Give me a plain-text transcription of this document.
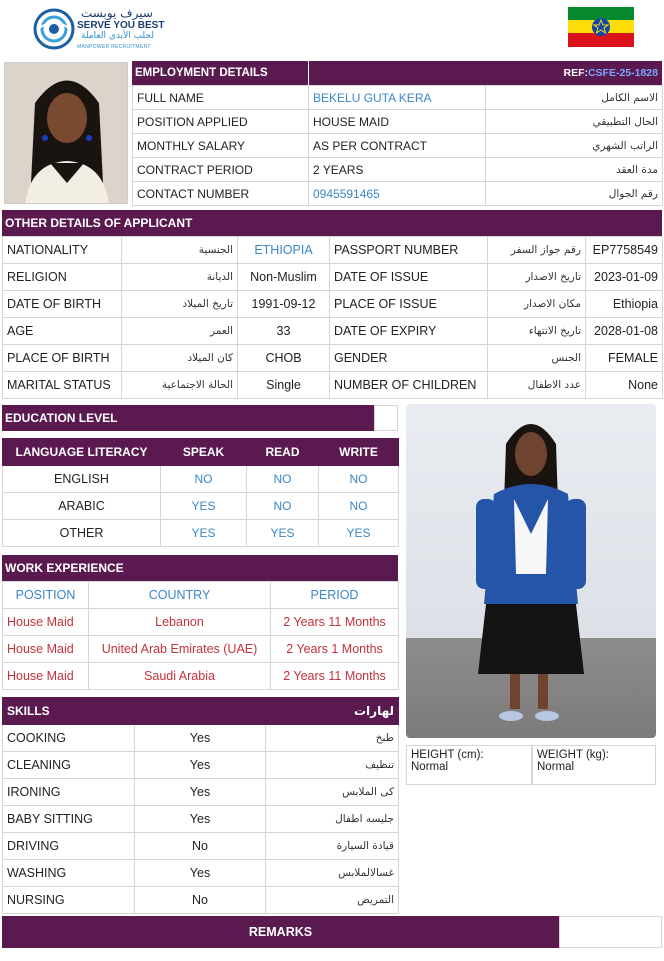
سيرف يوبست
SERVE YOU BEST
لجلب الأيدي العاملة
MANPOWER RECRUITMENT
EMPLOYMENT DETAILS	REF: CSFE-25-1828
FULL NAME	BEKELU GUTA KERA	الاسم الكامل
POSITION APPLIED	HOUSE MAID	الحال التطبيقي
MONTHLY SALARY	AS PER CONTRACT	الراتب الشهري
CONTRACT PERIOD	2 YEARS	مدة العقد
CONTACT NUMBER	0945591465	رقم الجوال
OTHER DETAILS OF APPLICANT
NATIONALITY	الجنسية	ETHIOPIA	PASSPORT NUMBER	رقم جواز السفر	EP7758549
RELIGION	الديانة	Non-Muslim	DATE OF ISSUE	تاريخ الاصدار	2023-01-09
DATE OF BIRTH	تاريخ الميلاد	1991-09-12	PLACE OF ISSUE	مكان الاصدار	Ethiopia
AGE	العمر	33	DATE OF EXPIRY	تاريخ الانتهاء	2028-01-08
PLACE OF BIRTH	كان الميلاد	CHOB	GENDER	الجنس	FEMALE
MARITAL STATUS	الحالة الاجتماعية	Single	NUMBER OF CHILDREN	عدد الاطفال	None
EDUCATION LEVEL
LANGUAGE LITERACY	SPEAK	READ	WRITE
ENGLISH	NO	NO	NO
ARABIC	YES	NO	NO
OTHER	YES	YES	YES
WORK EXPERIENCE
POSITION	COUNTRY	PERIOD
House Maid	Lebanon	2 Years 11 Months
House Maid	United Arab Emirates (UAE)	2 Years 1 Months
House Maid	Saudi Arabia	2 Years 11 Months
SKILLS		لهارات
COOKING	Yes	طبخ
CLEANING	Yes	تنظيف
IRONING	Yes	كى الملابس
BABY SITTING	Yes	جليسه اطفال
DRIVING	No	قيادة السيارة
WASHING	Yes	غسالالملابس
NURSING	No	التمريض
HEIGHT (cm):
Normal
WEIGHT (kg):
Normal
REMARKS
